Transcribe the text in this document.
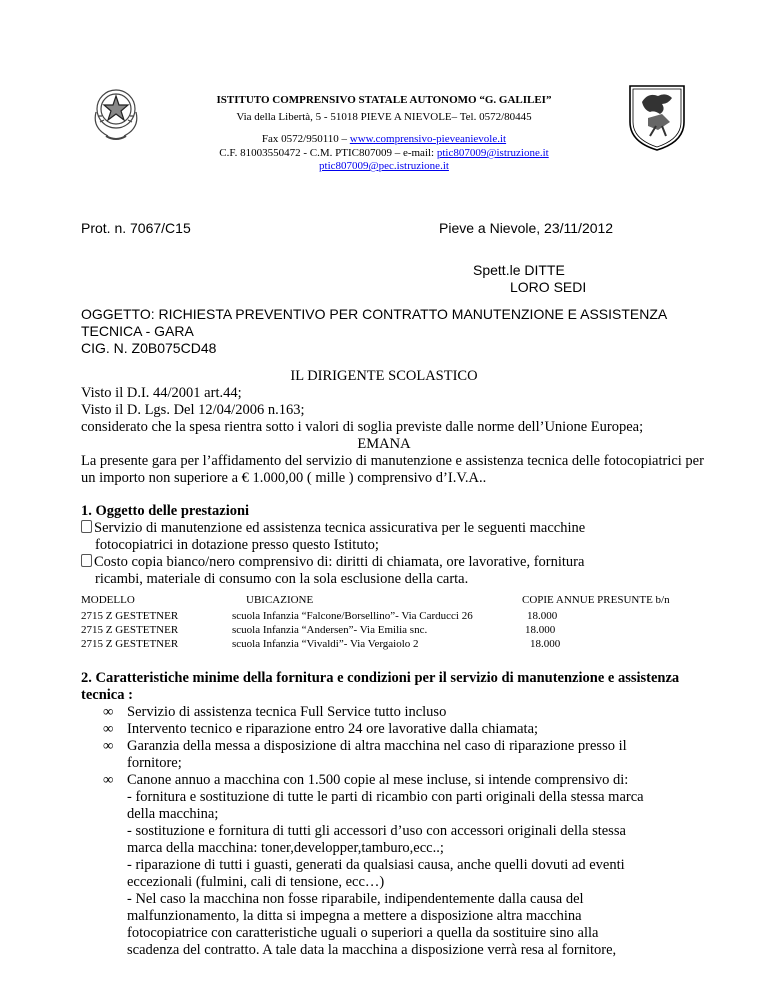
ISTITUTO COMPRENSIVO STATALE AUTONOMO “G. GALILEI”
Via della Libertà, 5 - 51018 PIEVE A NIEVOLE– Tel. 0572/80445
Fax 0572/950110 – www.comprensivo-pieveanievole.it
C.F. 81003550472 - C.M. PTIC807009 – e-mail: ptic807009@istruzione.it
ptic807009@pec.istruzione.it
Prot. n. 7067/C15	Pieve a Nievole, 23/11/2012
Spett.le DITTE
LORO SEDI
OGGETTO: RICHIESTA PREVENTIVO PER CONTRATTO MANUTENZIONE E ASSISTENZA
TECNICA - GARA
CIG. N. Z0B075CD48
IL DIRIGENTE SCOLASTICO
Visto il D.I. 44/2001 art.44;
Visto il D. Lgs. Del 12/04/2006 n.163;
considerato che la spesa rientra sotto i valori di soglia previste dalle norme dell’Unione Europea;
EMANA
La presente gara per l’affidamento del servizio di manutenzione e assistenza tecnica delle fotocopiatrici per
un importo non superiore a € 1.000,00 ( mille ) comprensivo d’I.V.A..
1. Oggetto delle prestazioni
Servizio di manutenzione ed assistenza tecnica assicurativa per le seguenti macchine
fotocopiatrici in dotazione presso questo Istituto;
Costo copia bianco/nero comprensivo di: diritti di chiamata, ore lavorative, fornitura
ricambi, materiale di consumo con la sola esclusione della carta.
MODELLO	UBICAZIONE	COPIE ANNUE PRESUNTE b/n
2715 Z GESTETNER	scuola Infanzia “Falcone/Borsellino”- Via Carducci 26	18.000
2715 Z GESTETNER	scuola Infanzia “Andersen”- Via Emilia snc.	18.000
2715 Z GESTETNER	scuola Infanzia “Vivaldi”- Via Vergaiolo 2	18.000
2. Caratteristiche minime della fornitura e condizioni per il servizio di manutenzione e assistenza
tecnica :
∞ Servizio di assistenza tecnica Full Service tutto incluso
∞ Intervento tecnico e riparazione entro 24 ore lavorative dalla chiamata;
∞ Garanzia della messa a disposizione di altra macchina nel caso di riparazione presso il
fornitore;
∞ Canone annuo a macchina con 1.500 copie al mese incluse, si intende comprensivo di:
- fornitura e sostituzione di tutte le parti di ricambio con parti originali della stessa marca
della macchina;
- sostituzione e fornitura di tutti gli accessori d’uso con accessori originali della stessa
marca della macchina: toner,developper,tamburo,ecc..;
- riparazione di tutti i guasti, generati da qualsiasi causa, anche quelli dovuti ad eventi
eccezionali (fulmini, cali di tensione, ecc…)
- Nel caso la macchina non fosse riparabile, indipendentemente dalla causa del
malfunzionamento, la ditta si impegna a mettere a disposizione altra macchina
fotocopiatrice con caratteristiche uguali o superiori a quella da sostituire sino alla
scadenza del contratto. A tale data la macchina a disposizione verrà resa al fornitore,
